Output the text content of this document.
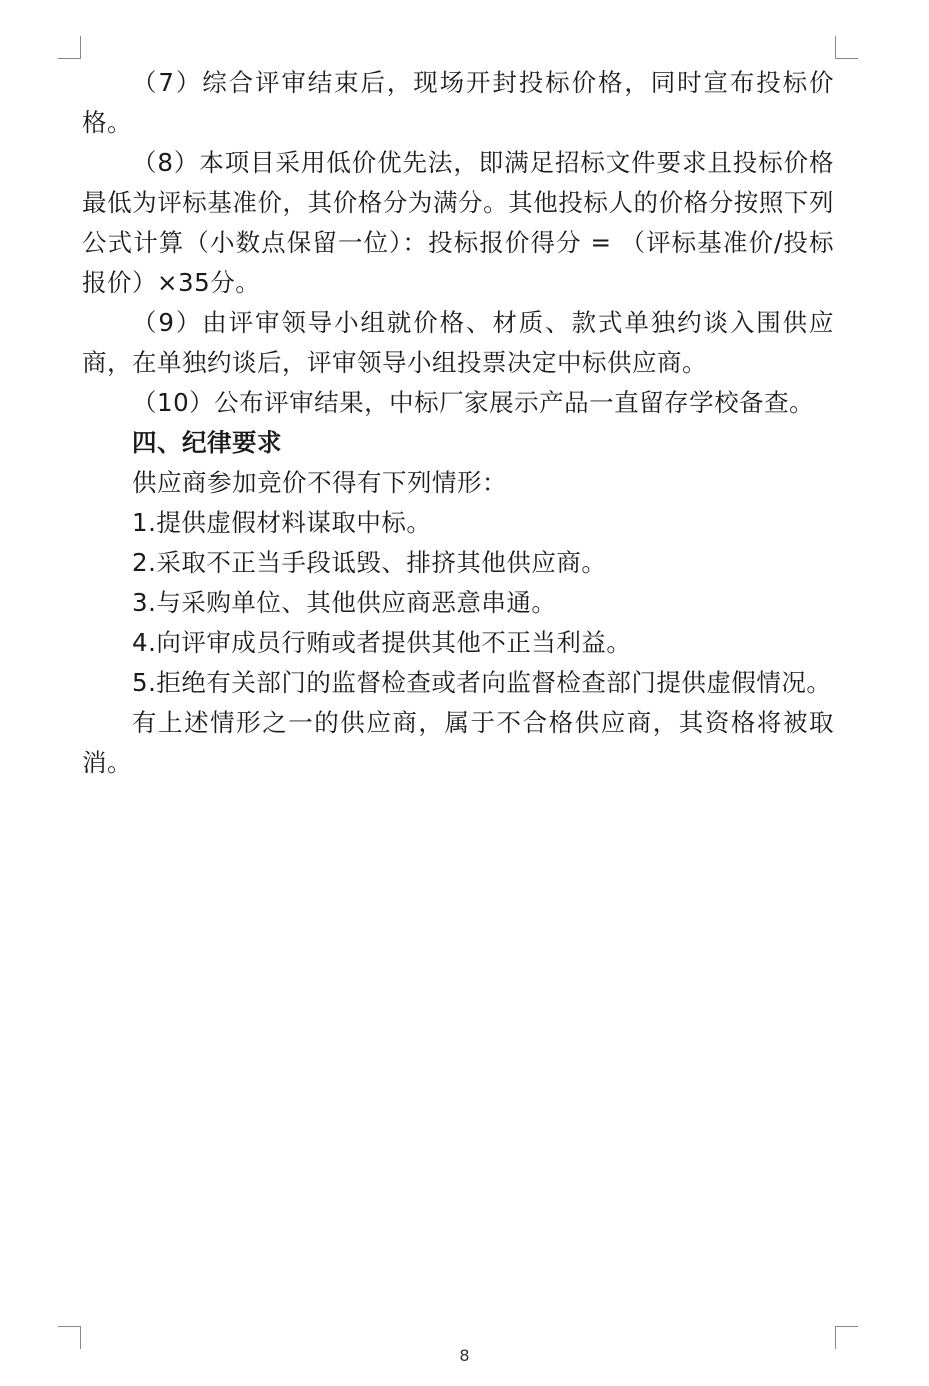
（7）综合评审结束后，现场开封投标价格，同时宣布投标价格。

（8）本项目采用低价优先法，即满足招标文件要求且投标价格最低为评标基准价，其价格分为满分。其他投标人的价格分按照下列公式计算（小数点保留一位）：投标报价得分 = （评标基准价/投标报价）×35分。

（9）由评审领导小组就价格、材质、款式单独约谈入围供应商，在单独约谈后，评审领导小组投票决定中标供应商。

（10）公布评审结果，中标厂家展示产品一直留存学校备查。

四、纪律要求

供应商参加竞价不得有下列情形：

1.提供虚假材料谋取中标。

2.采取不正当手段诋毁、排挤其他供应商。

3.与采购单位、其他供应商恶意串通。

4.向评审成员行贿或者提供其他不正当利益。

5.拒绝有关部门的监督检查或者向监督检查部门提供虚假情况。

有上述情形之一的供应商，属于不合格供应商，其资格将被取消。

8
